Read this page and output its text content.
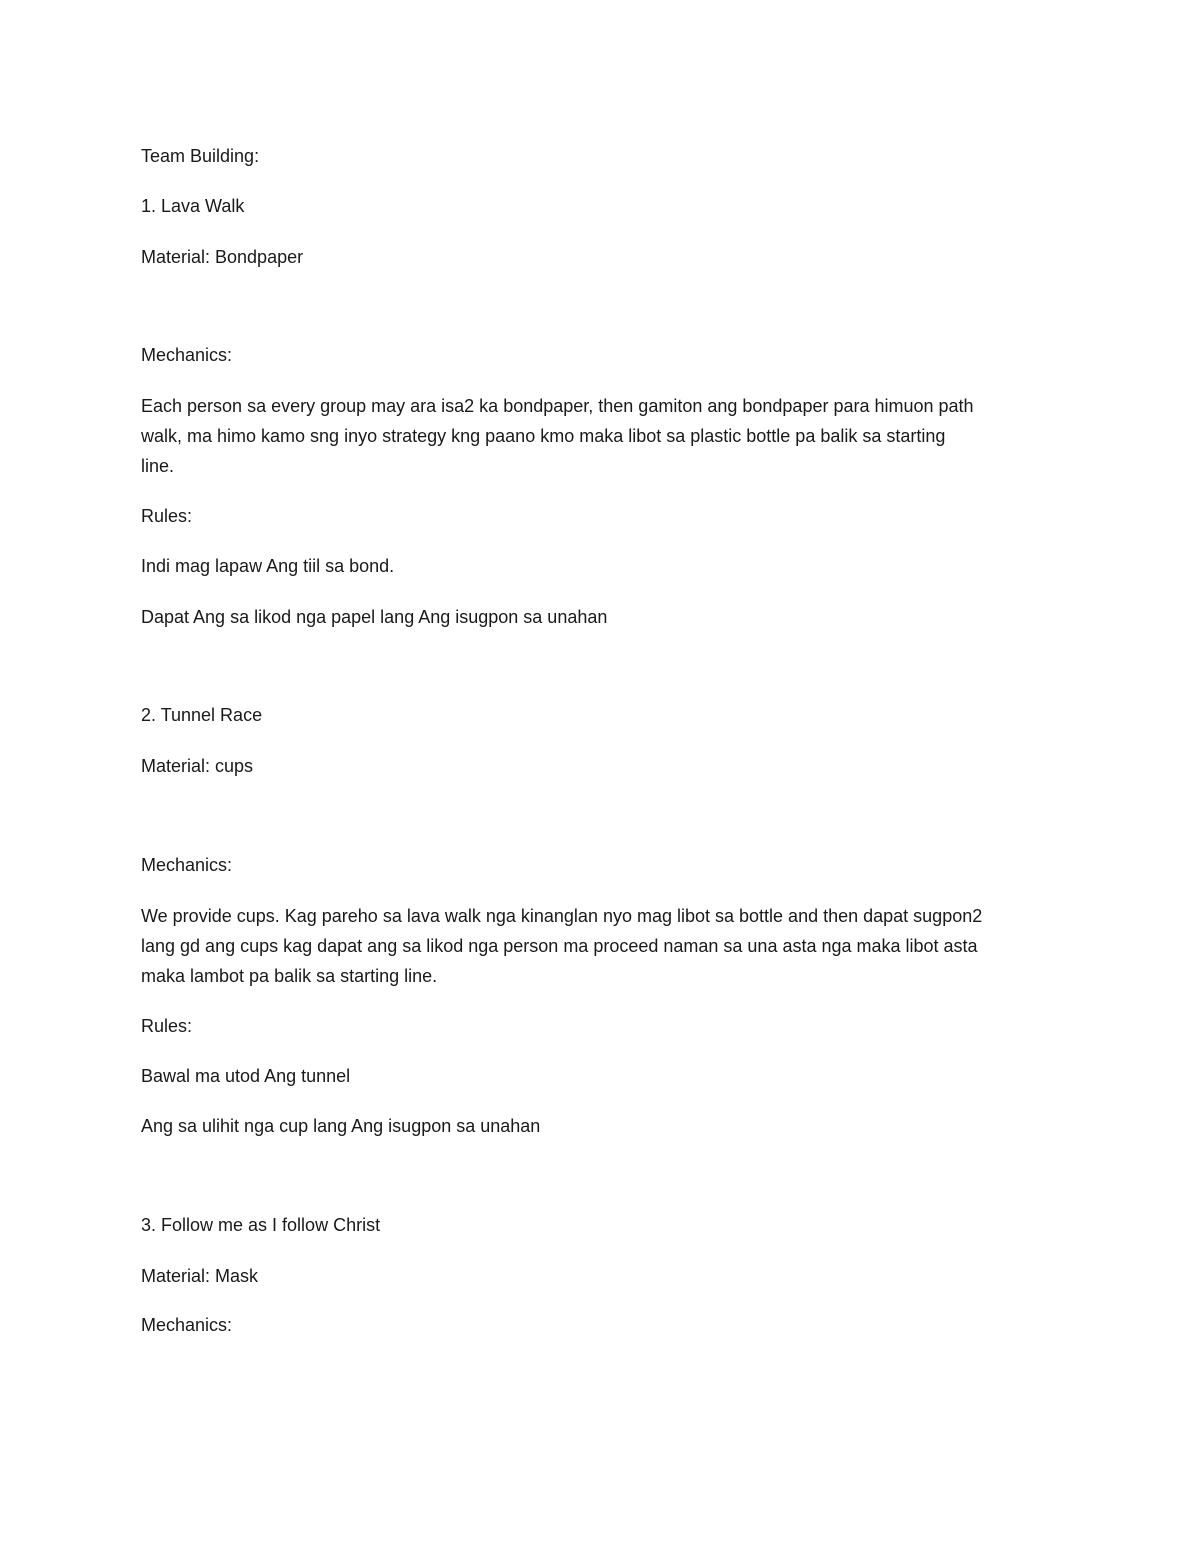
Team Building:

1. Lava Walk

Material: Bondpaper

Mechanics:

Each person sa every group may ara isa2 ka bondpaper, then gamiton ang bondpaper para himuon path
walk, ma himo kamo sng inyo strategy kng paano kmo maka libot sa plastic bottle pa balik sa starting
line.

Rules:

Indi mag lapaw Ang tiil sa bond.

Dapat Ang sa likod nga papel lang Ang isugpon sa unahan

2. Tunnel Race

Material: cups

Mechanics:

We provide cups. Kag pareho sa lava walk nga kinanglan nyo mag libot sa bottle and then dapat sugpon2
lang gd ang cups kag dapat ang sa likod nga person ma proceed naman sa una asta nga maka libot asta
maka lambot pa balik sa starting line.

Rules:

Bawal ma utod Ang tunnel

Ang sa ulihit nga cup lang Ang isugpon sa unahan

3. Follow me as I follow Christ

Material: Mask

Mechanics:
